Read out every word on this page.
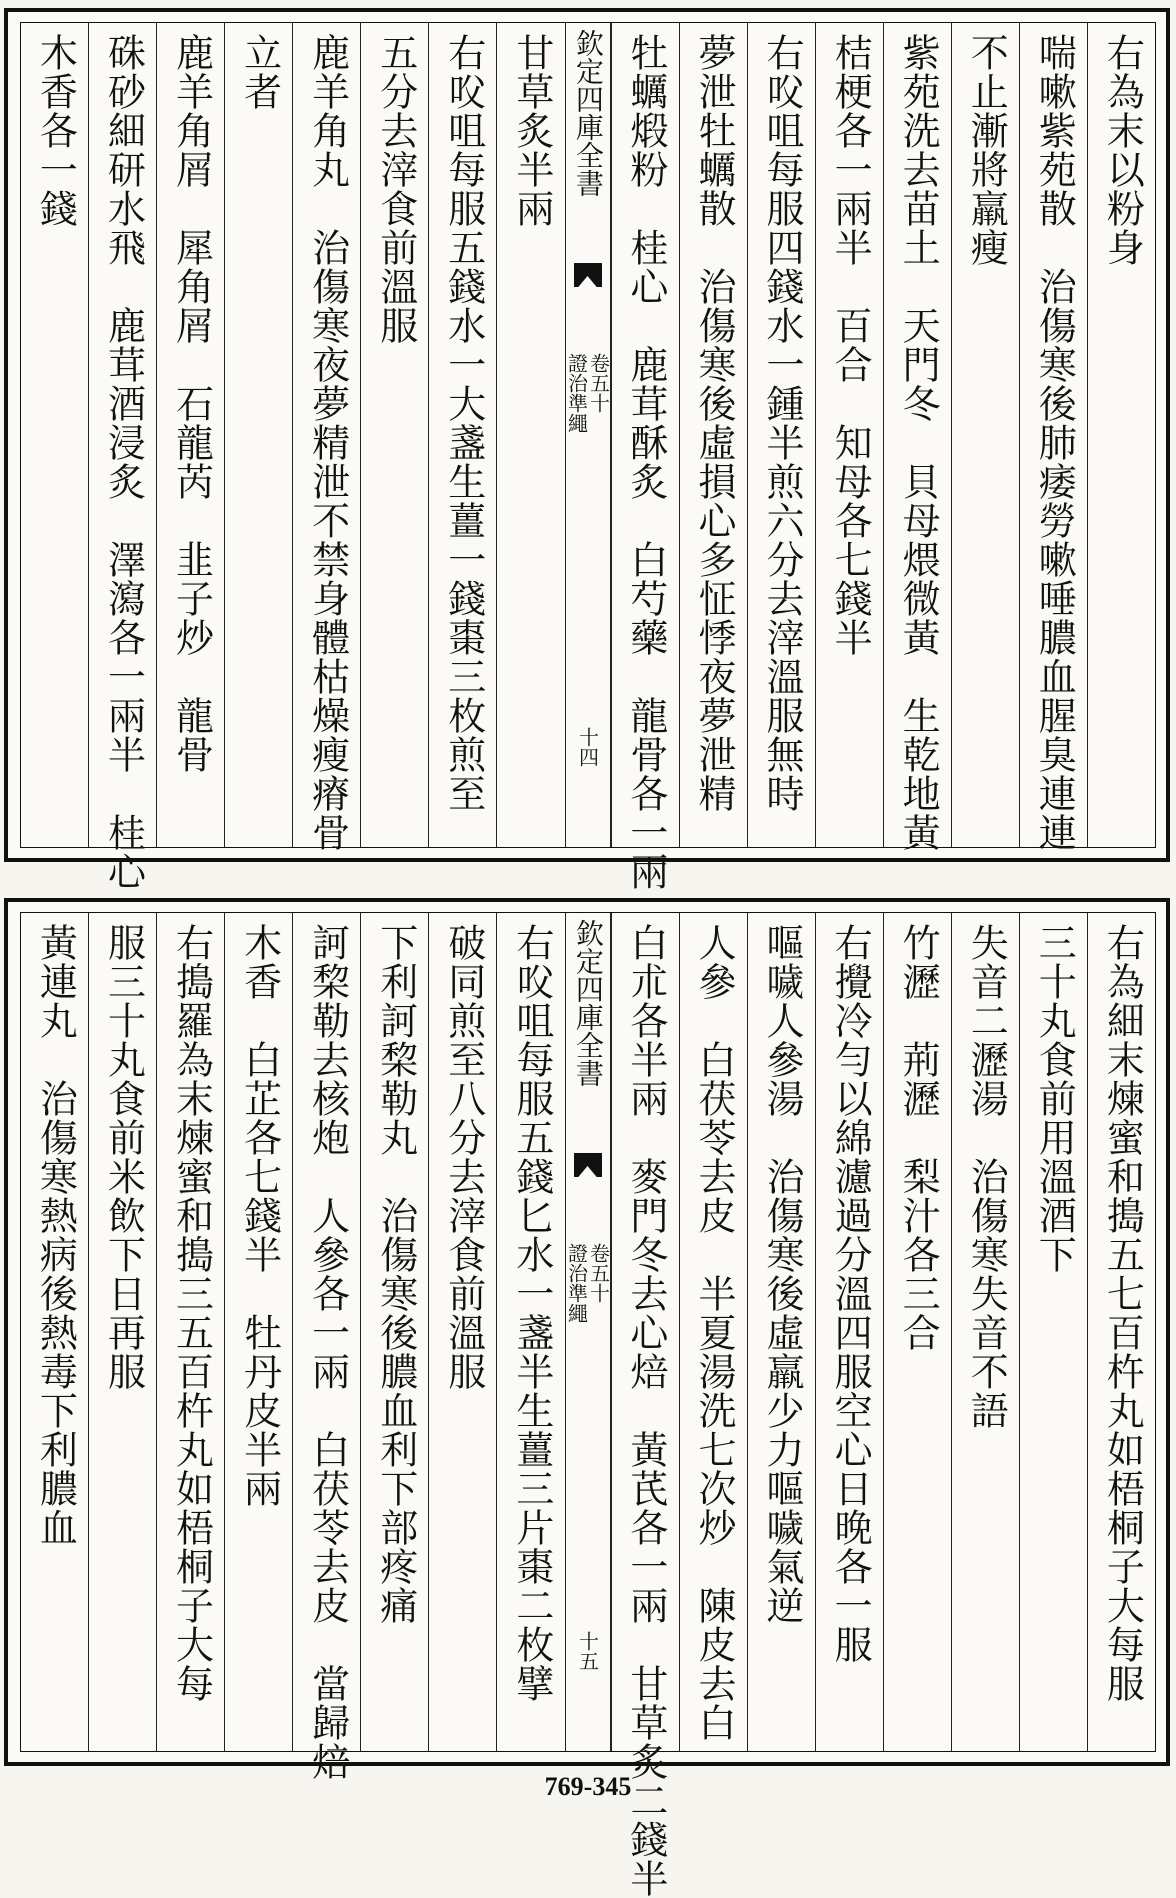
右為末以粉身
喘嗽紫苑散　治傷寒後肺痿勞嗽唾膿血腥臭連連
不止漸將羸瘦
紫苑洗去苗土　天門冬　貝母煨微黃　生乾地黃
桔梗各一兩半　百合　知母各七錢半
右㕮咀每服四錢水一鍾半煎六分去滓溫服無時
夢泄牡蠣散　治傷寒後虛損心多怔悸夜夢泄精
牡蠣煅粉　桂心　鹿茸酥炙　白芍藥　龍骨各一兩
欽定四庫全書
證治準繩
卷五十
十四
甘草炙半兩
右㕮咀每服五錢水一大盞生薑一錢棗三枚煎至
五分去滓食前溫服
鹿羊角丸　治傷寒夜夢精泄不禁身體枯燥瘦瘠骨
立者
鹿羊角屑　犀角屑　石龍芮　韭子炒　龍骨
硃砂細研水飛　鹿茸酒浸炙　澤瀉各一兩半　桂心
木香各一錢
右為細末煉蜜和搗五七百杵丸如梧桐子大每服
三十丸食前用溫酒下
失音二瀝湯　治傷寒失音不語
竹瀝　荊瀝　梨汁各三合
右攪冷勻以綿濾過分溫四服空心日晚各一服
嘔噦人參湯　治傷寒後虛羸少力嘔噦氣逆
人參　白茯苓去皮　半夏湯洗七次炒　陳皮去白
白朮各半兩　麥門冬去心焙　黃芪各一兩　甘草炙二錢半
欽定四庫全書
證治準繩
卷五十
十五
右㕮咀每服五錢匕水一盞半生薑三片棗二枚擘
破同煎至八分去滓食前溫服
下利訶棃勒丸　治傷寒後膿血利下部疼痛
訶棃勒去核炮　人參各一兩　白茯苓去皮　當歸焙
木香　白芷各七錢半　牡丹皮半兩
右搗羅為末煉蜜和搗三五百杵丸如梧桐子大每
服三十丸食前米飲下日再服
黃連丸　治傷寒熱病後熱毒下利膿血
769-345
